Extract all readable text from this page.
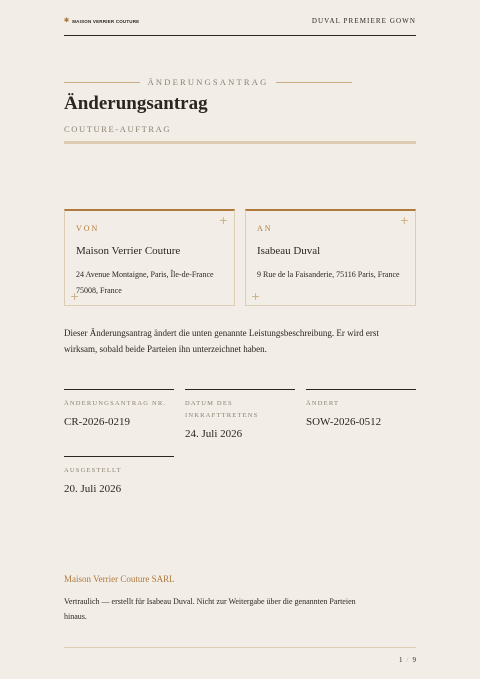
✱ MAISON VERRIER COUTURE	DUVAL PREMIERE GOWN
ÄNDERUNGSANTRAG
Änderungsantrag
COUTURE-AUFTRAG
VON
Maison Verrier Couture
24 Avenue Montaigne, Paris, Île-de-France 75008, France
+
+
AN
Isabeau Duval
9 Rue de la Faisanderie, 75116 Paris, France
+
+

Dieser Änderungsantrag ändert die unten genannte Leistungsbeschreibung. Er wird erst wirksam, sobald beide Parteien ihn unterzeichnet haben.

ÄNDERUNGSANTRAG NR.
CR-2026-0219
DATUM DES INKRAFTTRETENS
24. Juli 2026
ÄNDERT
SOW-2026-0512
AUSGESTELLT
20. Juli 2026
Maison Verrier Couture SARL

Vertraulich — erstellt für Isabeau Duval. Nicht zur Weitergabe über die genannten Parteien hinaus.

1 / 9
